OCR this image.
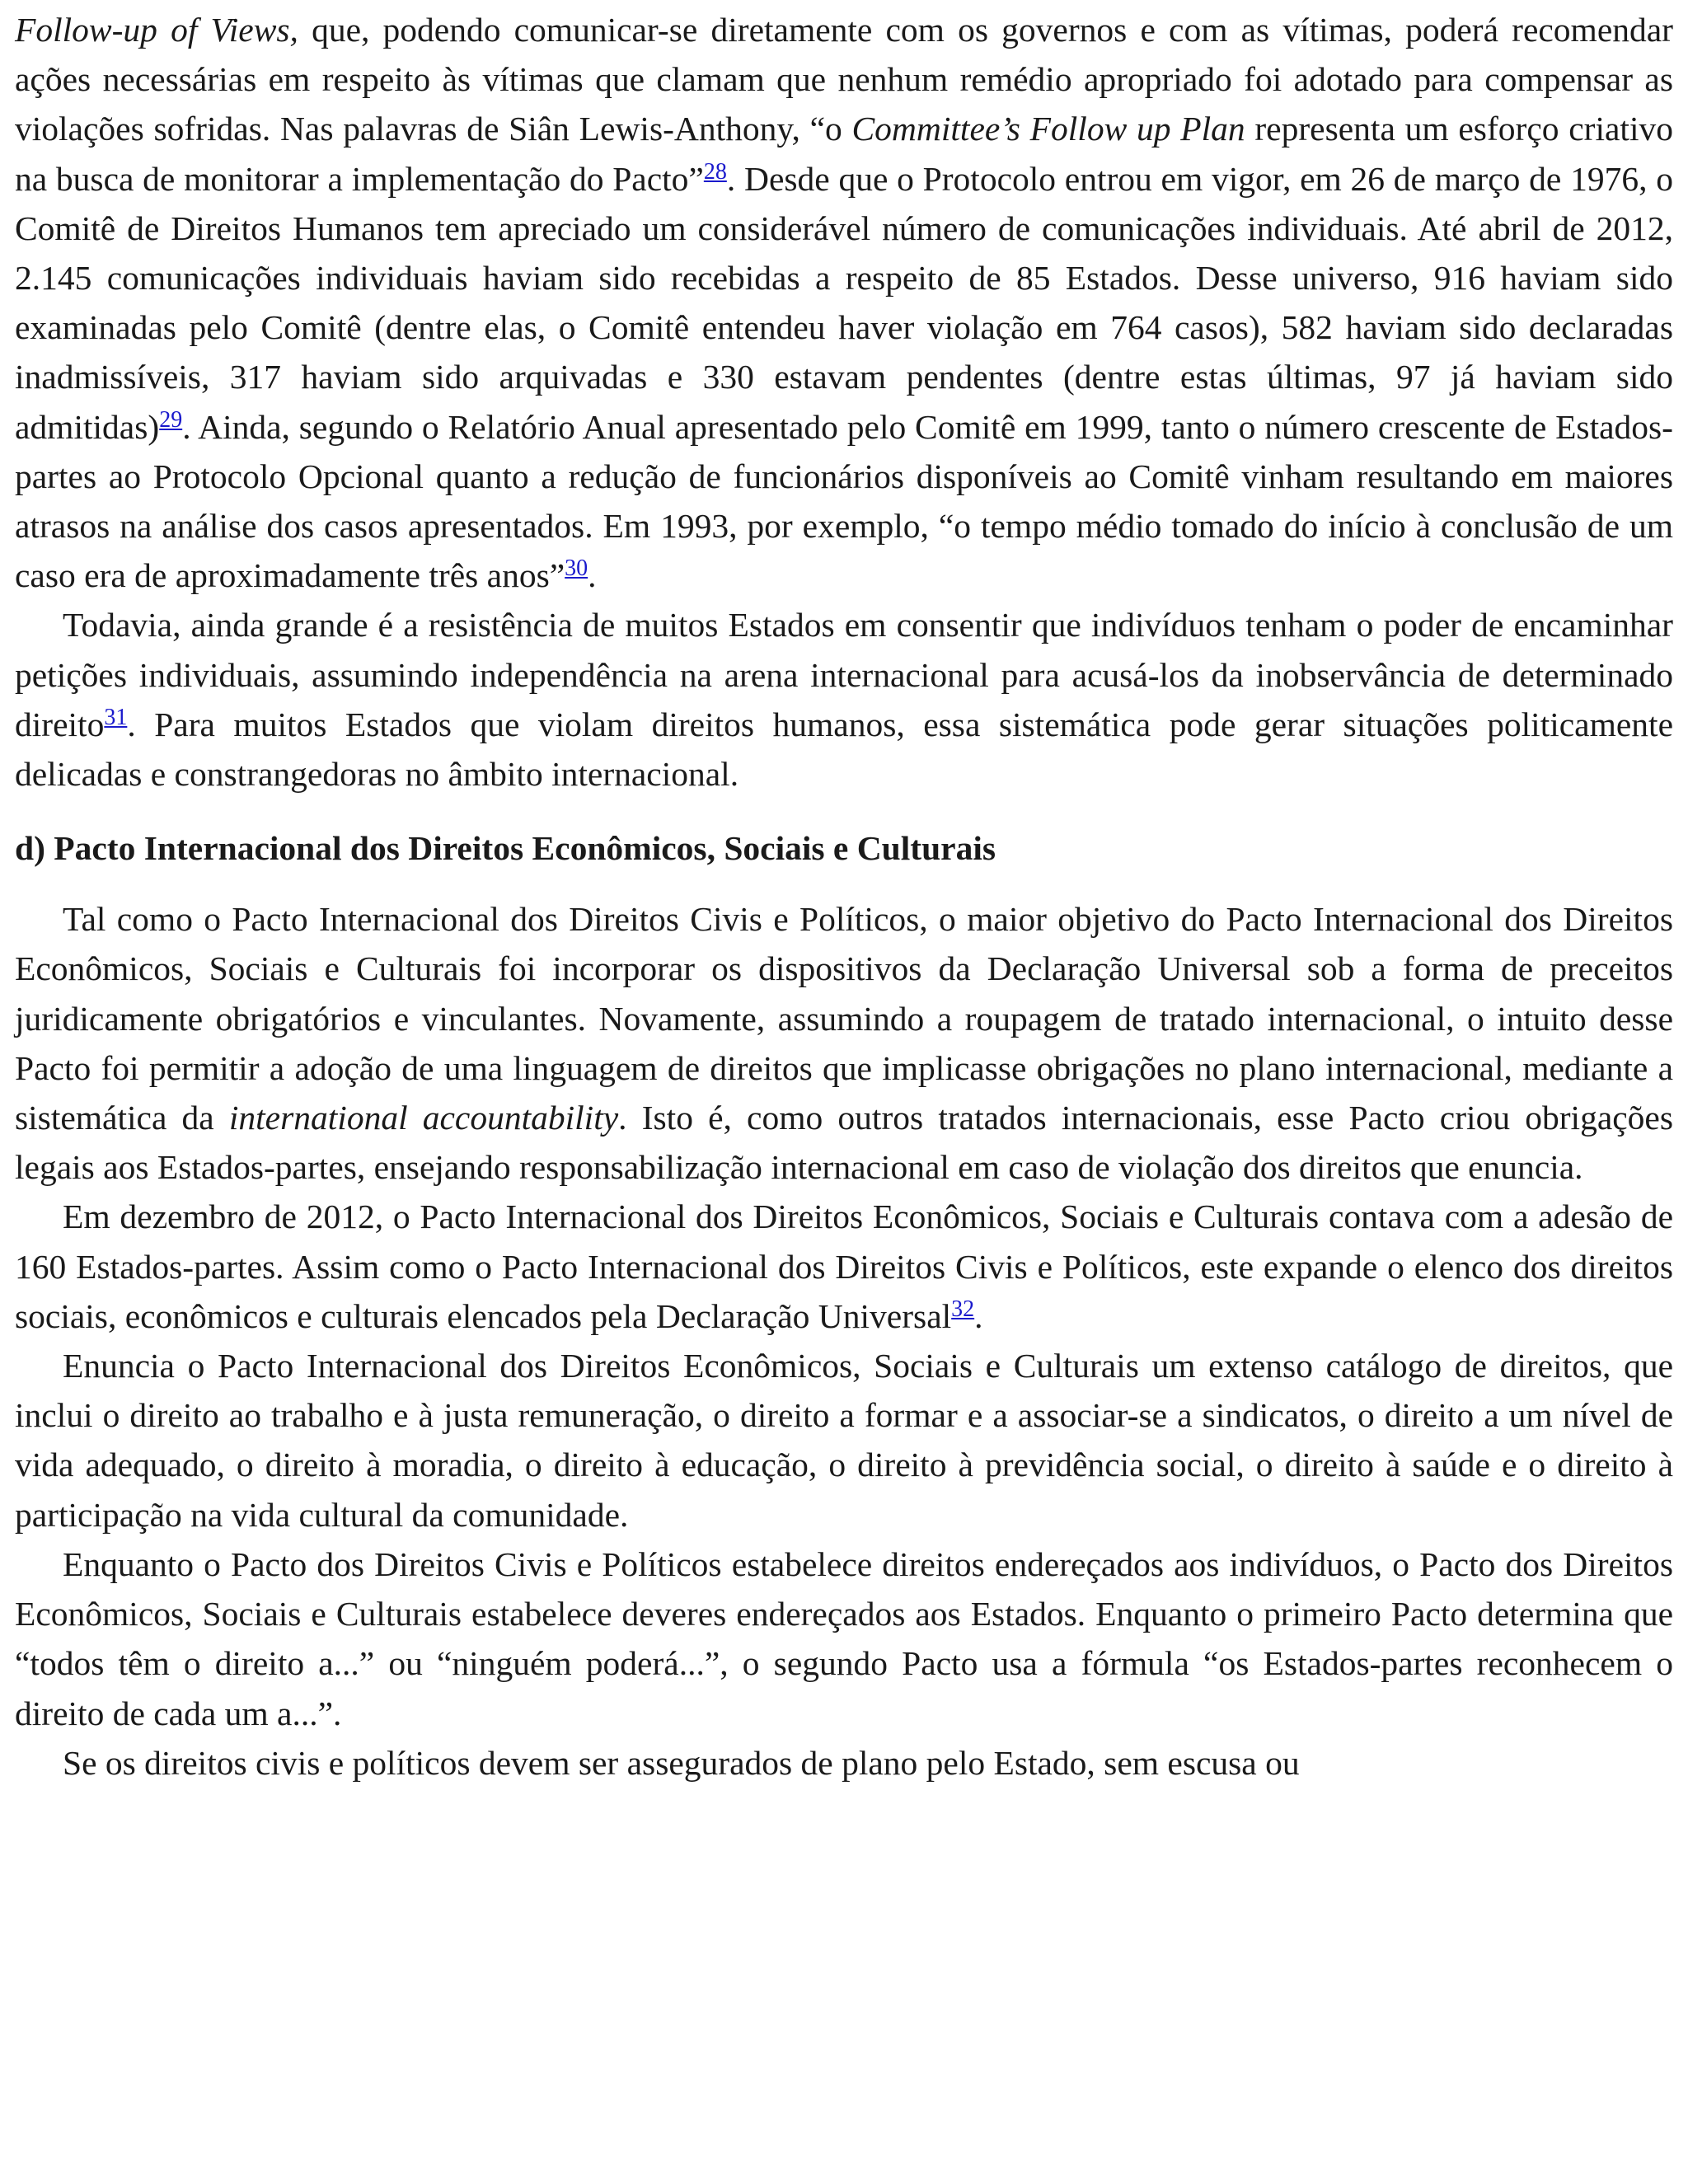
Follow-up of Views, que, podendo comunicar-se diretamente com os governos e com as vítimas, poderá recomendar ações necessárias em respeito às vítimas que clamam que nenhum remédio apropriado foi adotado para compensar as violações sofridas. Nas palavras de Siân Lewis-Anthony, “o Committee’s Follow up Plan representa um esforço criativo na busca de monitorar a implementação do Pacto”$^{28}$. Desde que o Protocolo entrou em vigor, em 26 de março de 1976, o Comitê de Direitos Humanos tem apreciado um considerável número de comunicações individuais. Até abril de 2012, 2.145 comunicações individuais haviam sido recebidas a respeito de 85 Estados. Desse universo, 916 haviam sido examinadas pelo Comitê (dentre elas, o Comitê entendeu haver violação em 764 casos), 582 haviam sido declaradas inadmissíveis, 317 haviam sido arquivadas e 330 estavam pendentes (dentre estas últimas, 97 já haviam sido admitidas)$^{29}$. Ainda, segundo o Relatório Anual apresentado pelo Comitê em 1999, tanto o número crescente de Estados-partes ao Protocolo Opcional quanto a redução de funcionários disponíveis ao Comitê vinham resultando em maiores atrasos na análise dos casos apresentados. Em 1993, por exemplo, “o tempo médio tomado do início à conclusão de um caso era de aproximadamente três anos”$^{30}$.

Todavia, ainda grande é a resistência de muitos Estados em consentir que indivíduos tenham o poder de encaminhar petições individuais, assumindo independência na arena internacional para acusá-los da inobservância de determinado direito$^{31}$. Para muitos Estados que violam direitos humanos, essa sistemática pode gerar situações politicamente delicadas e constrangedoras no âmbito internacional.

d) Pacto Internacional dos Direitos Econômicos, Sociais e Culturais

Tal como o Pacto Internacional dos Direitos Civis e Políticos, o maior objetivo do Pacto Internacional dos Direitos Econômicos, Sociais e Culturais foi incorporar os dispositivos da Declaração Universal sob a forma de preceitos juridicamente obrigatórios e vinculantes. Novamente, assumindo a roupagem de tratado internacional, o intuito desse Pacto foi permitir a adoção de uma linguagem de direitos que implicasse obrigações no plano internacional, mediante a sistemática da international accountability. Isto é, como outros tratados internacionais, esse Pacto criou obrigações legais aos Estados-partes, ensejando responsabilização internacional em caso de violação dos direitos que enuncia.

Em dezembro de 2012, o Pacto Internacional dos Direitos Econômicos, Sociais e Culturais contava com a adesão de 160 Estados-partes. Assim como o Pacto Internacional dos Direitos Civis e Políticos, este expande o elenco dos direitos sociais, econômicos e culturais elencados pela Declaração Universal$^{32}$.

Enuncia o Pacto Internacional dos Direitos Econômicos, Sociais e Culturais um extenso catálogo de direitos, que inclui o direito ao trabalho e à justa remuneração, o direito a formar e a associar-se a sindicatos, o direito a um nível de vida adequado, o direito à moradia, o direito à educação, o direito à previdência social, o direito à saúde e o direito à participação na vida cultural da comunidade.

Enquanto o Pacto dos Direitos Civis e Políticos estabelece direitos endereçados aos indivíduos, o Pacto dos Direitos Econômicos, Sociais e Culturais estabelece deveres endereçados aos Estados. Enquanto o primeiro Pacto determina que “todos têm o direito a...” ou “ninguém poderá...”, o segundo Pacto usa a fórmula “os Estados-partes reconhecem o direito de cada um a...”.

Se os direitos civis e políticos devem ser assegurados de plano pelo Estado, sem escusa ou
